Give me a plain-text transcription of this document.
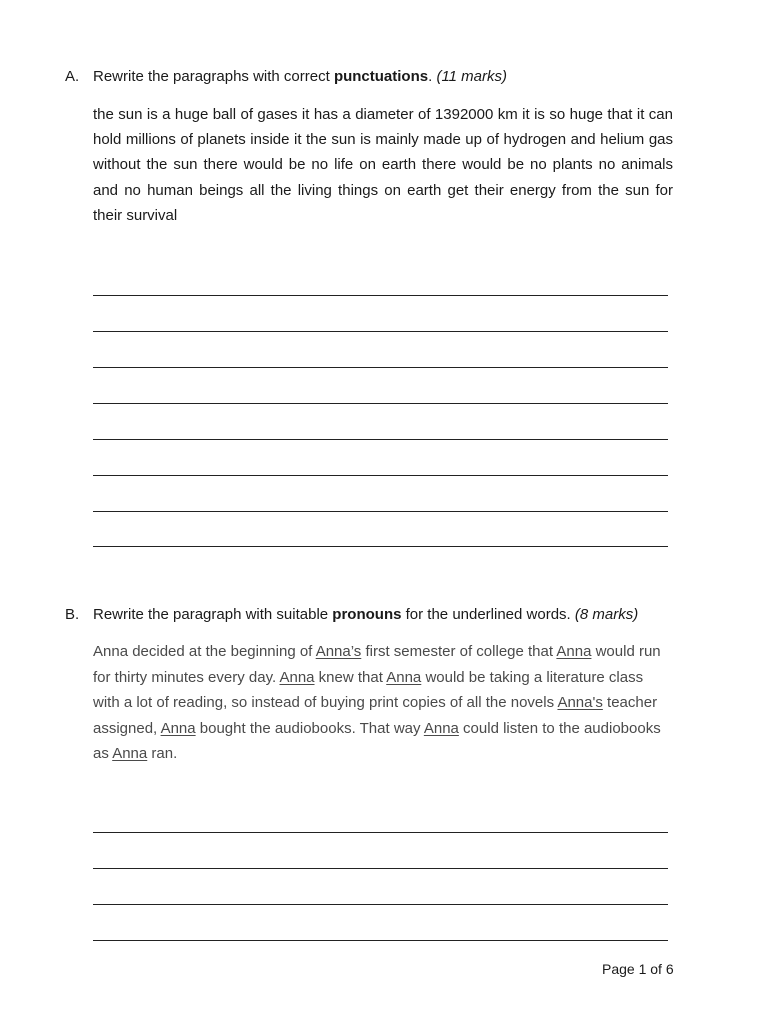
A. Rewrite the paragraphs with correct punctuations. (11 marks)
the sun is a huge ball of gases it has a diameter of 1392000 km it is so huge that it can hold millions of planets inside it the sun is mainly made up of hydrogen and helium gas without the sun there would be no life on earth there would be no plants no animals and no human beings all the living things on earth get their energy from the sun for their survival
B. Rewrite the paragraph with suitable pronouns for the underlined words. (8 marks)
Anna decided at the beginning of Anna’s first semester of college that Anna would run for thirty minutes every day. Anna knew that Anna would be taking a literature class with a lot of reading, so instead of buying print copies of all the novels Anna's teacher assigned, Anna bought the audiobooks. That way Anna could listen to the audiobooks as Anna ran.
Page 1 of 6
